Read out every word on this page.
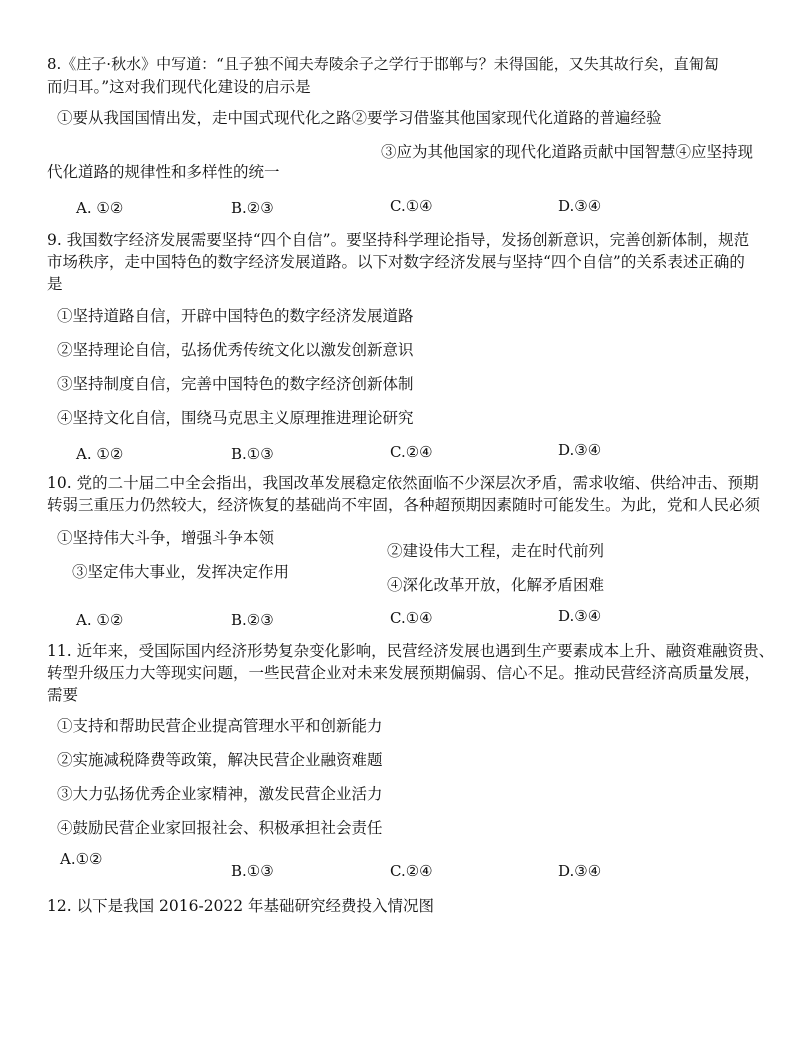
8.《庄子·秋水》中写道：“且子独不闻夫寿陵余子之学行于邯郸与？未得国能，又失其故行矣，直匍匐
而归耳。”这对我们现代化建设的启示是
①要从我国国情出发，走中国式现代化之路②要学习借鉴其他国家现代化道路的普遍经验
③应为其他国家的现代化道路贡献中国智慧④应坚持现
代化道路的规律性和多样性的统一
A. ①②	B.②③	C.①④	D.③④
9. 我国数字经济发展需要坚持“四个自信”。要坚持科学理论指导，发扬创新意识，完善创新体制，规范
市场秩序，走中国特色的数字经济发展道路。以下对数字经济发展与坚持“四个自信”的关系表述正确的
是
①坚持道路自信，开辟中国特色的数字经济发展道路
②坚持理论自信，弘扬优秀传统文化以激发创新意识
③坚持制度自信，完善中国特色的数字经济创新体制
④坚持文化自信，围绕马克思主义原理推进理论研究
A. ①②	B.①③	C.②④	D.③④
10. 党的二十届二中全会指出，我国改革发展稳定依然面临不少深层次矛盾，需求收缩、供给冲击、预期
转弱三重压力仍然较大，经济恢复的基础尚不牢固，各种超预期因素随时可能发生。为此，党和人民必须
①坚持伟大斗争，增强斗争本领
②建设伟大工程，走在时代前列
③坚定伟大事业，发挥决定作用
④深化改革开放，化解矛盾困难
A. ①②	B.②③	C.①④	D.③④
11. 近年来，受国际国内经济形势复杂变化影响，民营经济发展也遇到生产要素成本上升、融资难融资贵、
转型升级压力大等现实问题，一些民营企业对未来发展预期偏弱、信心不足。推动民营经济高质量发展，
需要
①支持和帮助民营企业提高管理水平和创新能力
②实施减税降费等政策，解决民营企业融资难题
③大力弘扬优秀企业家精神，激发民营企业活力
④鼓励民营企业家回报社会、积极承担社会责任
A.①②
B.①③	C.②④	D.③④
12. 以下是我国 2016-2022 年基础研究经费投入情况图
